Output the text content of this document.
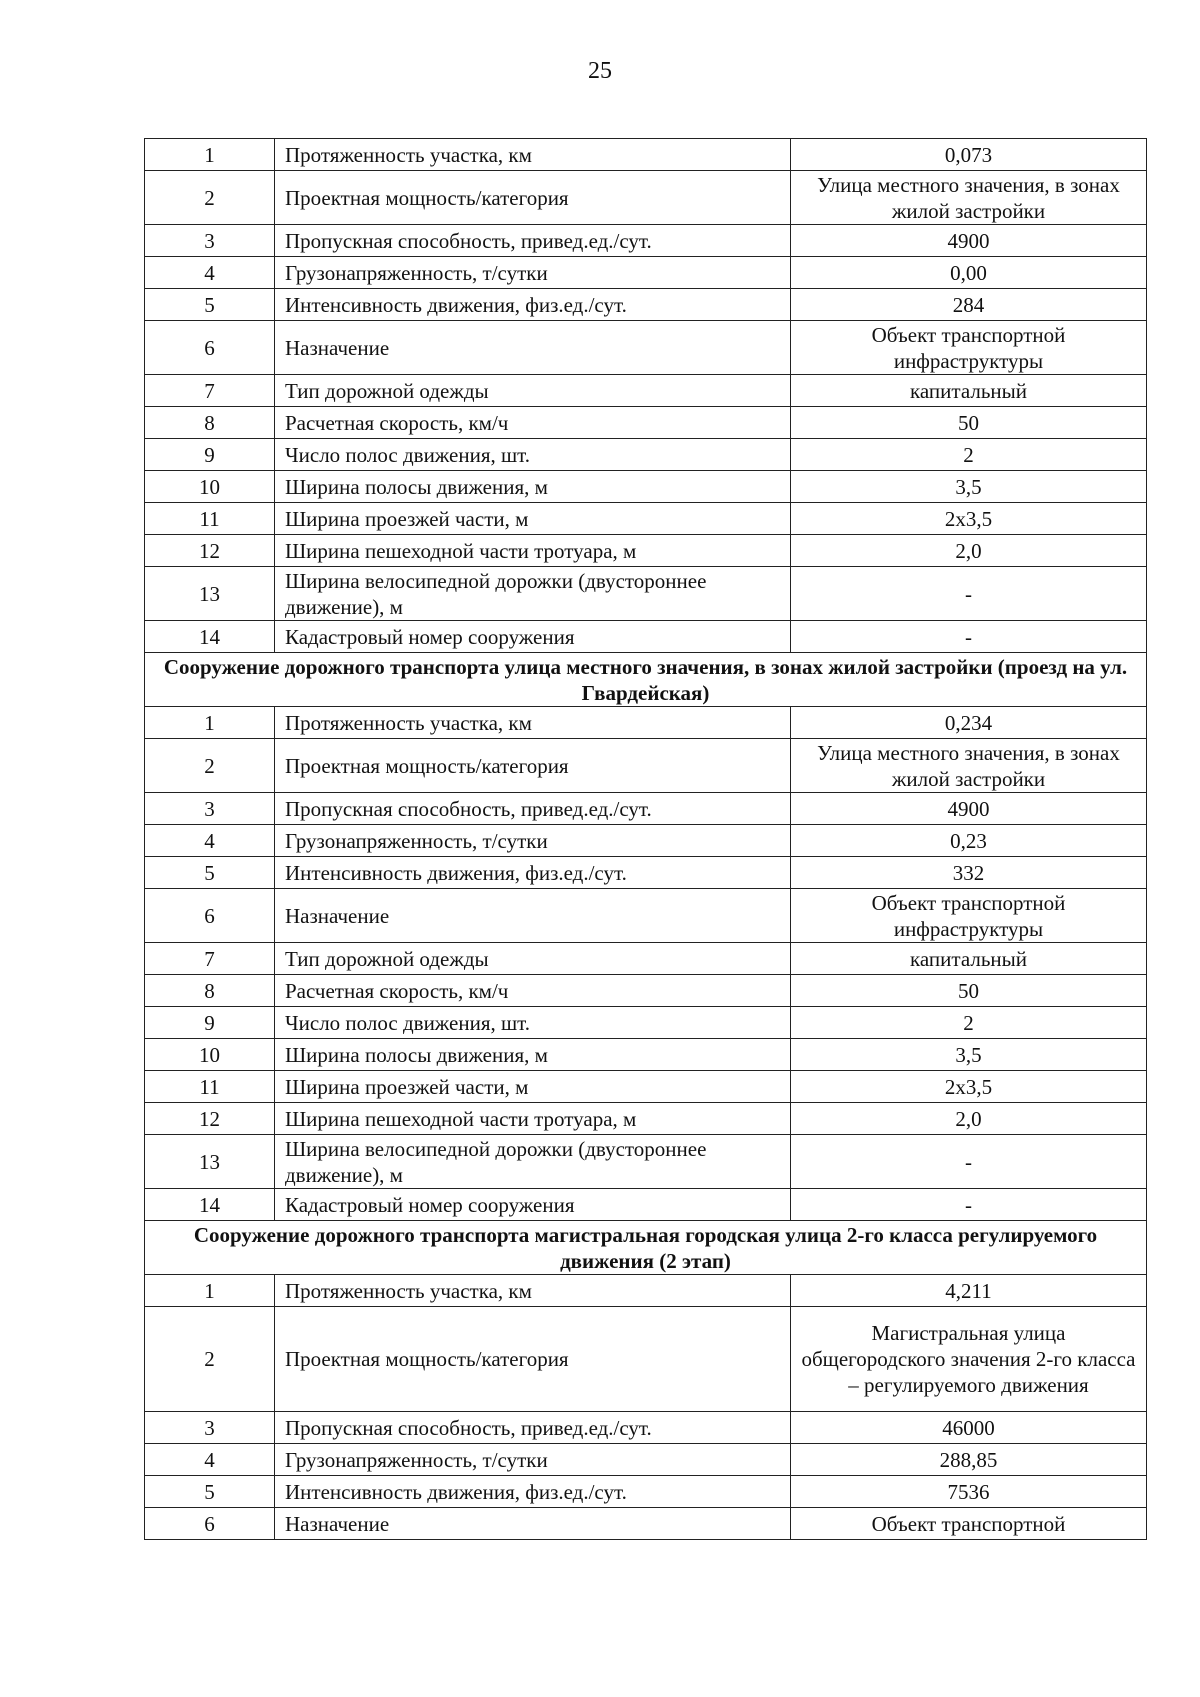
25
1	Протяженность участка, км	0,073
2	Проектная мощность/категория	Улица местного значения, в зонах жилой застройки
3	Пропускная способность, привед.ед./сут.	4900
4	Грузонапряженность, т/сутки	0,00
5	Интенсивность движения, физ.ед./сут.	284
6	Назначение	Объект транспортной инфраструктуры
7	Тип дорожной одежды	капитальный
8	Расчетная скорость, км/ч	50
9	Число полос движения, шт.	2
10	Ширина полосы движения, м	3,5
11	Ширина проезжей части, м	2х3,5
12	Ширина пешеходной части тротуара, м	2,0
13	Ширина велосипедной дорожки (двустороннее движение), м	-
14	Кадастровый номер сооружения	-
Сооружение дорожного транспорта улица местного значения, в зонах жилой застройки (проезд на ул. Гвардейская)		
1	Протяженность участка, км	0,234
2	Проектная мощность/категория	Улица местного значения, в зонах жилой застройки
3	Пропускная способность, привед.ед./сут.	4900
4	Грузонапряженность, т/сутки	0,23
5	Интенсивность движения, физ.ед./сут.	332
6	Назначение	Объект транспортной инфраструктуры
7	Тип дорожной одежды	капитальный
8	Расчетная скорость, км/ч	50
9	Число полос движения, шт.	2
10	Ширина полосы движения, м	3,5
11	Ширина проезжей части, м	2х3,5
12	Ширина пешеходной части тротуара, м	2,0
13	Ширина велосипедной дорожки (двустороннее движение), м	-
14	Кадастровый номер сооружения	-
Сооружение дорожного транспорта магистральная городская улица 2-го класса регулируемого движения (2 этап)		
1	Протяженность участка, км	4,211
2	Проектная мощность/категория	Магистральная улица общегородского значения 2-го класса – регулируемого движения
3	Пропускная способность, привед.ед./сут.	46000
4	Грузонапряженность, т/сутки	288,85
5	Интенсивность движения, физ.ед./сут.	7536
6	Назначение	Объект транспортной
